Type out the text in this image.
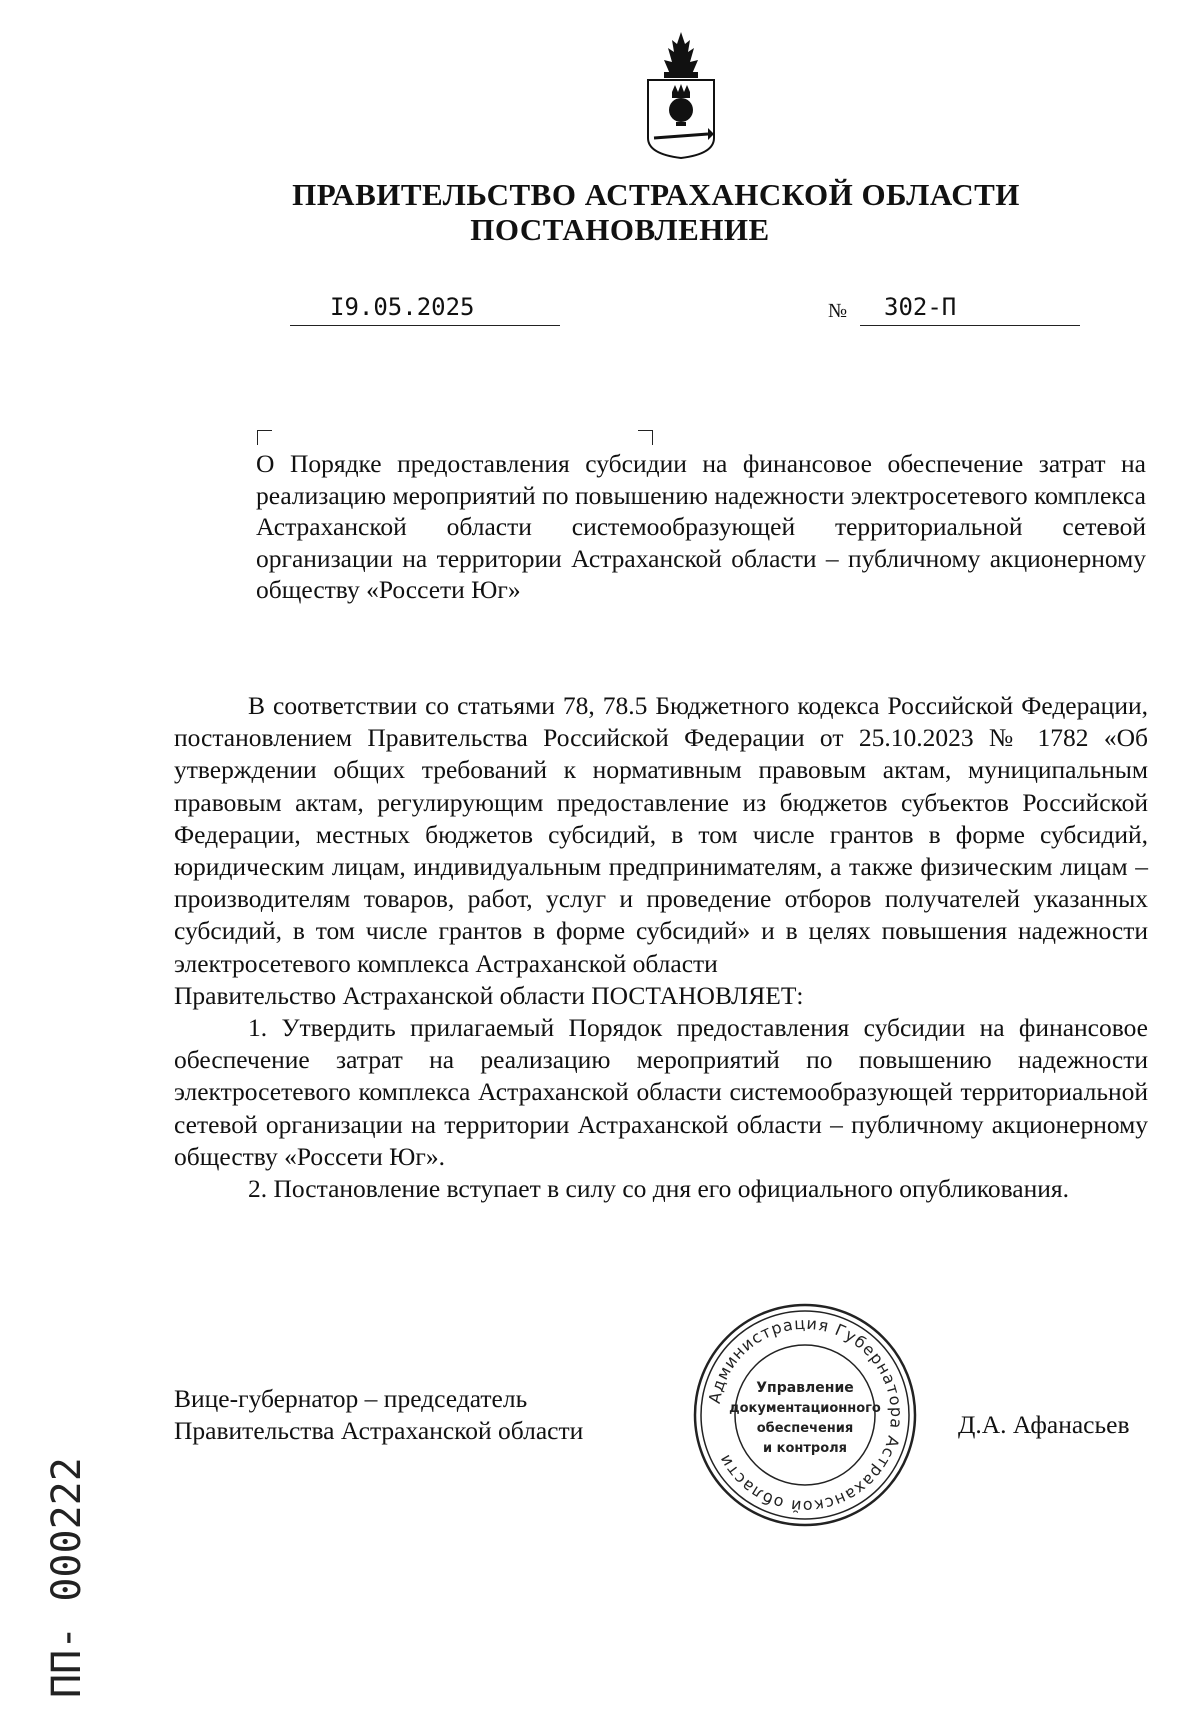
ПРАВИТЕЛЬСТВО АСТРАХАНСКОЙ ОБЛАСТИ
ПОСТАНОВЛЕНИЕ
I9.05.2025	№ 302-П
О Порядке предоставления субсидии на финансовое обеспечение затрат на реализацию мероприятий по повышению надежности электросетевого комплекса Астраханской области системообразующей территориальной сетевой организации на территории Астраханской области – публичному акционерному обществу «Россети Юг»

В соответствии со статьями 78, 78.5 Бюджетного кодекса Российской Федерации, постановлением Правительства Российской Федерации от 25.10.2023 № 1782 «Об утверждении общих требований к нормативным правовым актам, муниципальным правовым актам, регулирующим предоставление из бюджетов субъектов Российской Федерации, местных бюджетов субсидий, в том числе грантов в форме субсидий, юридическим лицам, индивидуальным предпринимателям, а также физическим лицам – производителям товаров, работ, услуг и проведение отборов получателей указанных субсидий, в том числе грантов в форме субсидий» и в целях повышения надежности электросетевого комплекса Астраханской области

Правительство Астраханской области ПОСТАНОВЛЯЕТ:

1. Утвердить прилагаемый Порядок предоставления субсидии на финансовое обеспечение затрат на реализацию мероприятий по повышению надежности электросетевого комплекса Астраханской области системообразующей территориальной сетевой организации на территории Астраханской области – публичному акционерному обществу «Россети Юг».

2. Постановление вступает в силу со дня его официального опубликования.

Вице-губернатор – председатель
Правительства Астраханской области	Д.А. Афанасьев
Администрация Губернатора Астраханской области
Управление
документационного
обеспечения
и контроля
ПП- 000222
